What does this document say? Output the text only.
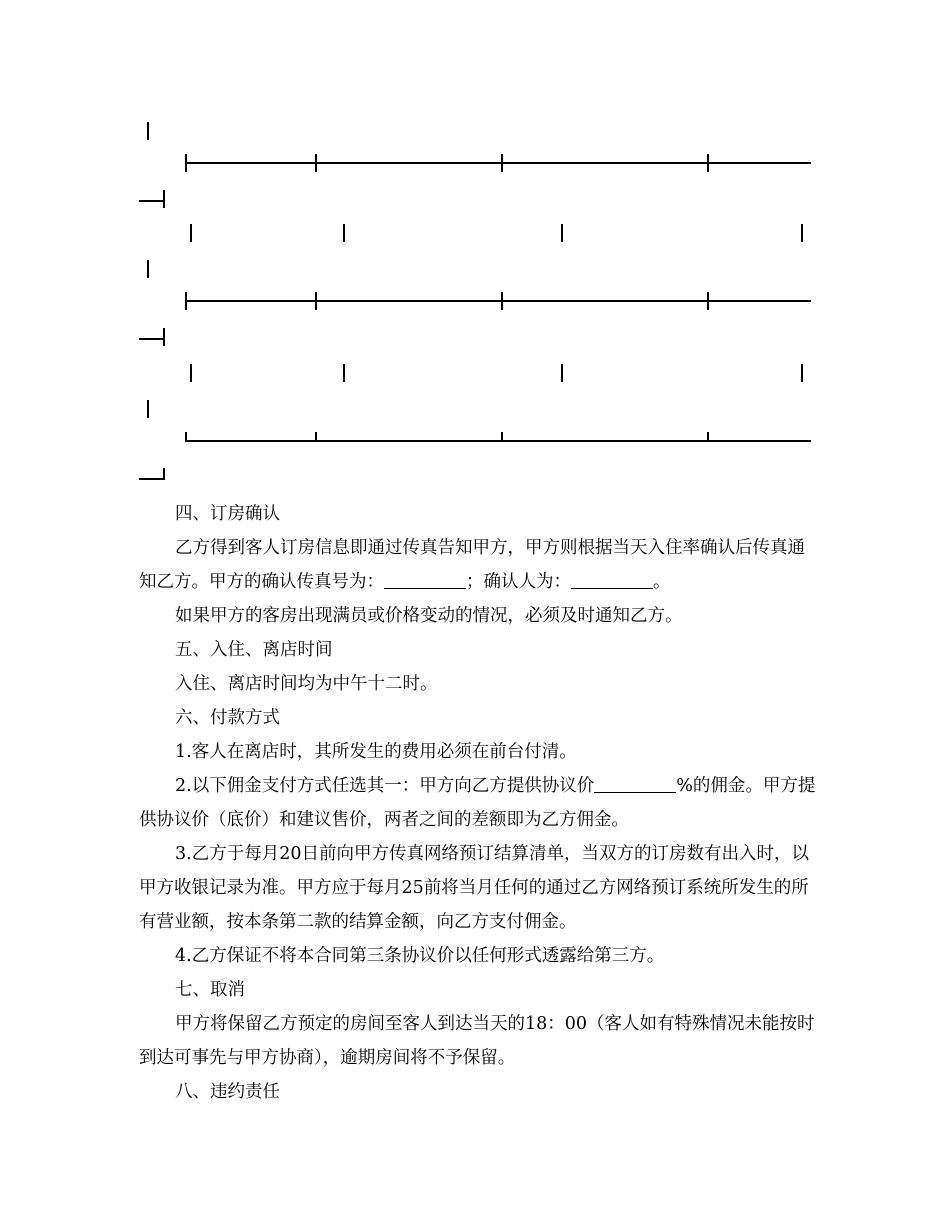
四、订房确认

乙方得到客人订房信息即通过传真告知甲方，甲方则根据当天入住率确认后传真通知乙方。甲方的确认传真号为：	；确认人为：	。

如果甲方的客房出现满员或价格变动的情况，必须及时通知乙方。

五、入住、离店时间

入住、离店时间均为中午十二时。

六、付款方式

1.客人在离店时，其所发生的费用必须在前台付清。

2.以下佣金支付方式任选其一：甲方向乙方提供协议价	%的佣金。甲方提供协议价（底价）和建议售价，两者之间的差额即为乙方佣金。

3.乙方于每月20日前向甲方传真网络预订结算清单，当双方的订房数有出入时，以甲方收银记录为准。甲方应于每月25前将当月任何的通过乙方网络预订系统所发生的所有营业额，按本条第二款的结算金额，向乙方支付佣金。

4.乙方保证不将本合同第三条协议价以任何形式透露给第三方。

七、取消

甲方将保留乙方预定的房间至客人到达当天的18：00（客人如有特殊情况未能按时到达可事先与甲方协商），逾期房间将不予保留。

八、违约责任
